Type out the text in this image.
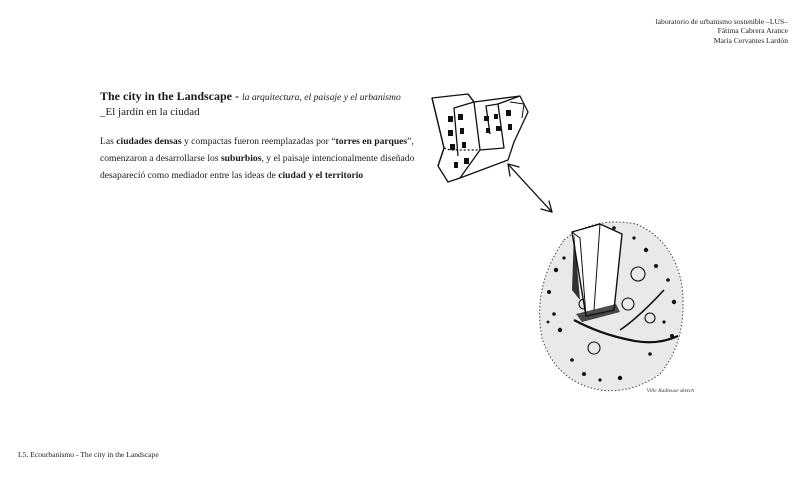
laboratorio de urbanismo sostenible –LUS–
Fátima Cabrera Arance
María Cervantes Lardón
The city in the Landscape - la arquitectura, el paisaje y el urbanismo
_El jardín en la ciudad
Las ciudades densas y compactas fueron reemplazadas por “torres en parques”,
comenzaron a desarrollarse los suburbios, y el paisaje intencionalmente diseñado
desapareció como mediador entre las ideas de ciudad y el territorio
Ville Radieuse sketch
L5. Ecourbanismo - The city in the Landscape
